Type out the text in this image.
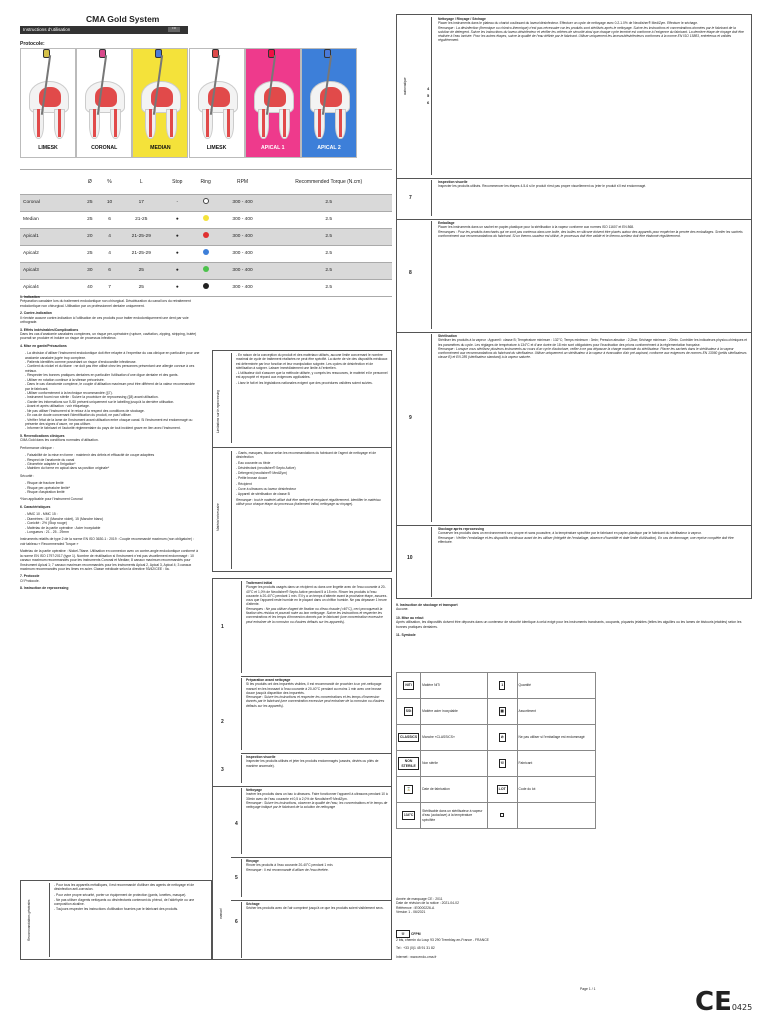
CMA Gold System
Instructions d'utilisation	FR
Protocole:
LIMESK	CORONAL	MEDIAN	LIMESK	APICAL 1	APICAL 2
	Ø	%	L	Stop	Ring	RPM	Recommended Torque (N.cm)
Coronal	25	10	17	-		300 - 400	2.5
Median	25	6	21-25	●		300 - 400	2.5
Apical1	20	4	21-25-29	●		300 - 400	2.5
Apical2	25	4	21-25-29	●		300 - 400	2.5
Apical3	30	6	25	●		300 - 400	2.5
Apical4	40	7	25	●		300 - 400	2.5

1. Indication
Préparation canalaire lors du traitement endodontique non chirurgical. Désobturation du canal lors du retraitement endodontique non chirurgical. Utilisation par un professionnel dentaire uniquement.

2. Contre-indication
Il n'existe aucune contre-indication à l'utilisation de ces produits pour traiter endodontiquement une dent par voie orthograde.

3. Effets indésirables/Complications
Dans les cas d'anatomie canalaires complexes, un risque per-opératoire (rupture, cavitation, zipping, stripping, butée) pourrait se produire et induire un risque de processus infectieux.

4. Mise en garde/Précautions

- La décision d'utiliser l'instrument endodontique doit être relayée à l'expertise du cas clinique en particulier pour une anatomie canalaire jugée trop complexe.
- Patients identifiés comme possédant un risque d'endocardite infectieuse.
- Contient du nickel et du titane : ne doit pas être utilisé chez les personnes présentant une allergie connue à ces métaux.
- Respecter les bonnes pratiques dentaires en particulier l'utilisation d'une digue dentaire et des gants.
- Utiliser en rotation continue à la vitesse préconisée.
- Dans le cas d'anatomie complexe, le couple d'utilisation maximum peut être différent de la valeur recommandée par le fabricant.
- Utiliser conformément à la technique recommandée (§7).
- Instrument fourni non stérile : Suivre la procédure de reprocessing (§8) avant utilisation.
- Garder les informations sur l'UDI présent uniquement sur le labelling jusqu'à la dernière utilisation.
- Avant et après utilisation : voir étiquetage.
- Ne pas utiliser l'instrument si le retour à la respect des conditions de stockage.
- En cas de doute concernant l'identification du produit, ne pas l'utiliser.
- Vérifier l'état de la lame de l'instrument avant utilisation entre chaque canal. Si l'instrument est endommagé ou présente des signes d'usure, ne pas utiliser.
- Informer le fabricant et l'autorité réglementaire du pays de tout incident grave en lien avec l'instrument.

5. Revendications cliniques
CMA Gold dans les conditions normales d'utilisation.

Performance clinique :

- Faisabilité de la mise en forme : maintenir des débris et efficacité de coupe adaptées
- Respect de l'anatomie du canal
- Géométrie adaptée à l'irrigation*
- Maintien du forme en apical dans sa position originale*

Sécurité :

- Risque de fracture limité
- Risque per-opératoire limité*
- Risque d'aspiration limité

*Non applicable pour l'instrument Coronal

6. Caractéristiques

- MMC 10 - MMC 15 :
- Diamètres : 10 (Manche violet), 15 (Manche blanc)
- Conicité : 2% (Stop rouge)
- Matériau de la partie opérative : Acier inoxydable
- Longueurs : 21 - 25 - 29mm

Instruments relatifs de type 2 de la norme EN ISO 3630-1 : 2019 : Couple recommandé maximum (non obligatoire) : voir tableau « Recommended Torque »

Matériau de la partie opérative : Nickel-Titane. Utilisation en connexion avec un contre-angle endodontique conformé à la norme EN ISO 1797:2017 (type 1). Nombre de réutilisation si l'instrument n'est pas visuellement endommagé : 10 canaux maximum recommandés pour les instruments Coronal et Median; 8 canaux maximum recommandés pour l'instrument Apical 1; 7 canaux maximum recommandés pour les instruments Apical 2, Apical 3, Apical 4; 3 canaux maximum recommandés pour les limes en acier. Classe médicale selon la directive 93/42/CEE : IIa.

7. Protocole
Cf Protocole.

8. Instruction de reprocessing

Recommandations générales
- Pour tous les appareils métalliques, il est recommandé d'utiliser des agents de nettoyage et de désinfection anti-corrosion.
- Pour votre propre sécurité, porter un équipement de protection (gants, lunettes, masque).
- Ne pas utiliser d'agents nettoyants ou désinfectants contenant du phénol, de l'aldéhyde ou une composition alcaline.
- Toujours respecter les instructions d'utilisation fournies par le fabricant des produits.
Limitations sur le reprocessing
- En raison de la conception du produit et des matériaux utilisés, aucune limite concernant le nombre maximal de cycle de traitement réalisées ne peut être spécifié. La durée de vie des dispositifs médicaux est déterminée par leur fonction et leur manipulation soignée. Les cycles de désinfection et de stérilisation à soigner. Laisser immédiatement une limite à l'entretien.
- L'utilisateur doit s'assurer que la méthode utilisée, y compris les ressources, le matériel et le personnel est approprié et répond aux exigences applicables.
- Lisez le fait et les législations nationales exigent que des procédures validées soient suivies.
Matériel nécessaire
- Gants, masques, blouse selon les recommandations du fabricant de l'agent de nettoyage et de désinfection
- Eau courante ou tiède
- Désinfectant (neodisher® Septo Active)
- Détergent (neodisher® MediZym)
- Petite brosse douce
- Récipient
- Cuve à ultrasons ou laveur désinfecteur
- Appareil de stérilisation de classe B

Remarque : tout le matériel utilisé doit être nettoyé et remplacé régulièrement. Identifier le matériau utilisé pour chaque étape du processus (traitement initial, nettoyage ou rinçage).

manuel
1

Traitement initial

Plonger les produits usagés dans un récipient ou dans une lingette avec de l'eau courante à 20-40°C et 1,0% de Neodisher® Septo Active pendant 5 à 15 min. Rincer les produits à l'eau courante à 20-40°C pendant 1 min. S'il y a un temps d'attente avant la prochaine étape, assurez-vous que l'appareil reste humide en le plaçant dans un chiffon humide. Ne pas dépasser 1 heure d'attente.

Remarques : Ne pas utiliser d'agent de fixation ou d'eau chaude (>40°C), ceci provoquerait la fixation des résidus et pourrait nuire au bon nettoyage. Suivre les instructions et respecter les concentrations et les temps d'immersion donnés par le fabricant (une concentration excessive peut entraîner de la corrosion ou d'autres défauts sur les appareils).

2

Préparation avant nettoyage

Si les produits ont des impuretés visibles, il est recommandé de procéder à un pré-nettoyage manuel en les brossant à l'eau courante à 20-40°C pendant au moins 1 min avec une brosse douce jusqu'à disparition des impuretés.

Remarque : Suivre les instructions et respecter les concentrations et les temps d'immersion donnés par le fabricant (une concentration excessive peut entraîner de la corrosion ou d'autres défauts sur les appareils).

3

Inspection visuelle

Inspecter les produits utilisés et jeter les produits endommagés (cassés, déviés ou pliés de manière anormale).

4

Nettoyage

Insérer les produits dans un bac à ultrasons. Faire fonctionner l'appareil à ultrasons pendant 10 à 30min avec de l'eau courante et 0,5 à 2,0% de Neodisher® MediZym.

Remarque : Suivre les instructions, observer la qualité de l'eau, les concentrations et le temps de nettoyage indiqué par le fabricant de la solution de nettoyage

5

Rinçage

Rincer les produits à l'eau courante 20-40°C pendant 1 min.

Remarque : Il est recommandé d'utiliser de l'eau térétée.

6

Séchage

Sécher les produits avec de l'air comprimé jusqu'à ce que les produits soient visiblement secs.

automatique	4
5
6

Nettoyage / Rinçage / Séchage

Placer les instruments dans le plateau du chariot coulissant du laveur/désinfecteur. Effectuer un cycle de nettoyage avec 0.2-1.0% de Neodisher® MediZym. Effectuer le séchage.

Remarque : La désinfection (thermique ou chimico-thermique) n'est pas nécessaire car les produits sont stérilisés après le nettoyage. Suivre les instructions et concentrations données par le fabricant de la solution de détergent. Suivre les instructions du laveur-désinfecteur et vérifier les critères de sécurité ainsi que chaque cycle terminé est conforme à l'exigence du fabricant. La dernière étape de rinçage doit être réalisée à l'eau ionisée. Pour les autres étapes, suivre la qualité de l'eau définie par le fabricant. Utiliser uniquement les laveurs/désinfecteurs conformes à la norme EN ISO 15883, entretenus et validés régulièrement.

7

Inspection visuelle

Inspecter les produits utilisés. Recommencer les étapes 4-5-6 si le produit n'est pas propre visuellement ou jeter le produit s'il est endommagé.

8

Emballage

Placer les instruments dans un sachet en papier-plastique pour la stérilisation à la vapeur conforme aux normes ISO 11607 et EN 868.

Remarques : Pour les produits tranchants qui ne sont pas contenus dans une boîte, des bulles en silicone doivent être placés autour des appareils pour empêcher la percée des emballages. Sceller les sachets conformément aux recommandations du fabricant. Si un thermo-soudeur est utilisé, le processus doit être validé et le thermo-scelleur doit être étalonné régulièrement.

9

Stérilisation

Stériliser les produits à la vapeur : Appareil : classe B; Température minimum : 132°C; Temps minimum : 3min; Pression absolue : 2,2bar; Séchage minimum : 20min. Contrôler les indicateurs physico-chimiques et les paramètres du cycle. Les réglages de température à 134°C et d'une durée de 18 min sont obligatoires pour l'inactivation des prions conformément à la réglementation française.

Remarque : Lorsque vous stérilisez plusieurs instruments au cours d'un cycle d'autoclave, veiller à ne pas dépasser la charge maximale du stérilisateur. Placer les sachets dans le stérilisateur à la vapeur conformément aux recommandations du fabricant du stérilisateur. Utiliser uniquement un stérilisateur à la vapeur à évacuation d'air pré-aspirant, conforme aux exigences de normes EN 13060 (petits stérilisateurs classe B) et EN 285 (stérilisateur standard) à la vapeur saturée.

10

Stockage après reprocessing

Conserver les produits dans un environnement sec, propre et sans poussière, à la température spécifiée par le fabricant en papier-plastique par le fabricant du stérilisateur à vapeur.

Remarque : Vérifier l'emballage et les dispositifs médicaux avant de les utiliser (intégrité de l'emballage, absence d'humidité et date limite d'utilisation). En cas de dommage, une reprise complète doit être effectuée.

9. Instruction de stockage et transport
Aucune.

10. Mise au rebut
Après utilisation, les dispositifs doivent être déposés dans un conteneur de sécurité identique à celui exigé pour les instruments tranchants, coupants, piquants jetables (telles les aiguilles ou les lames de bistouris jetables) selon les bonnes pratiques dentaires.

11. Symbole

NiTi	Matière NiTi	1	Quantité
SSt	Matière acier inoxydable	▦	Assortiment
CLASSICS	Manche «CLASSICS»	⊘	Ne pas utiliser si l'emballage est endommagé
NON STERILE	Non stérile	⛫	Fabricant
⌛	Date de fabrication	LOT	Code du lot
134°C	Stérilisable dans un stérilisateur à vapeur d'eau (autoclave) à la température spécifiée		

Année de marquage CE : 2011

Date de révision de la notice : 2021-04-02

Référence : IE0000226-A

Version 1 - 06/2021

⛫ CFPM

2 bis, chemin du Loup 93 290 Tremblay-en-France - FRANCE

Tel : +33 (0)1 45 91 31 82

Internet : www.endo-cma.fr

Page 1 / 1	CE0425
